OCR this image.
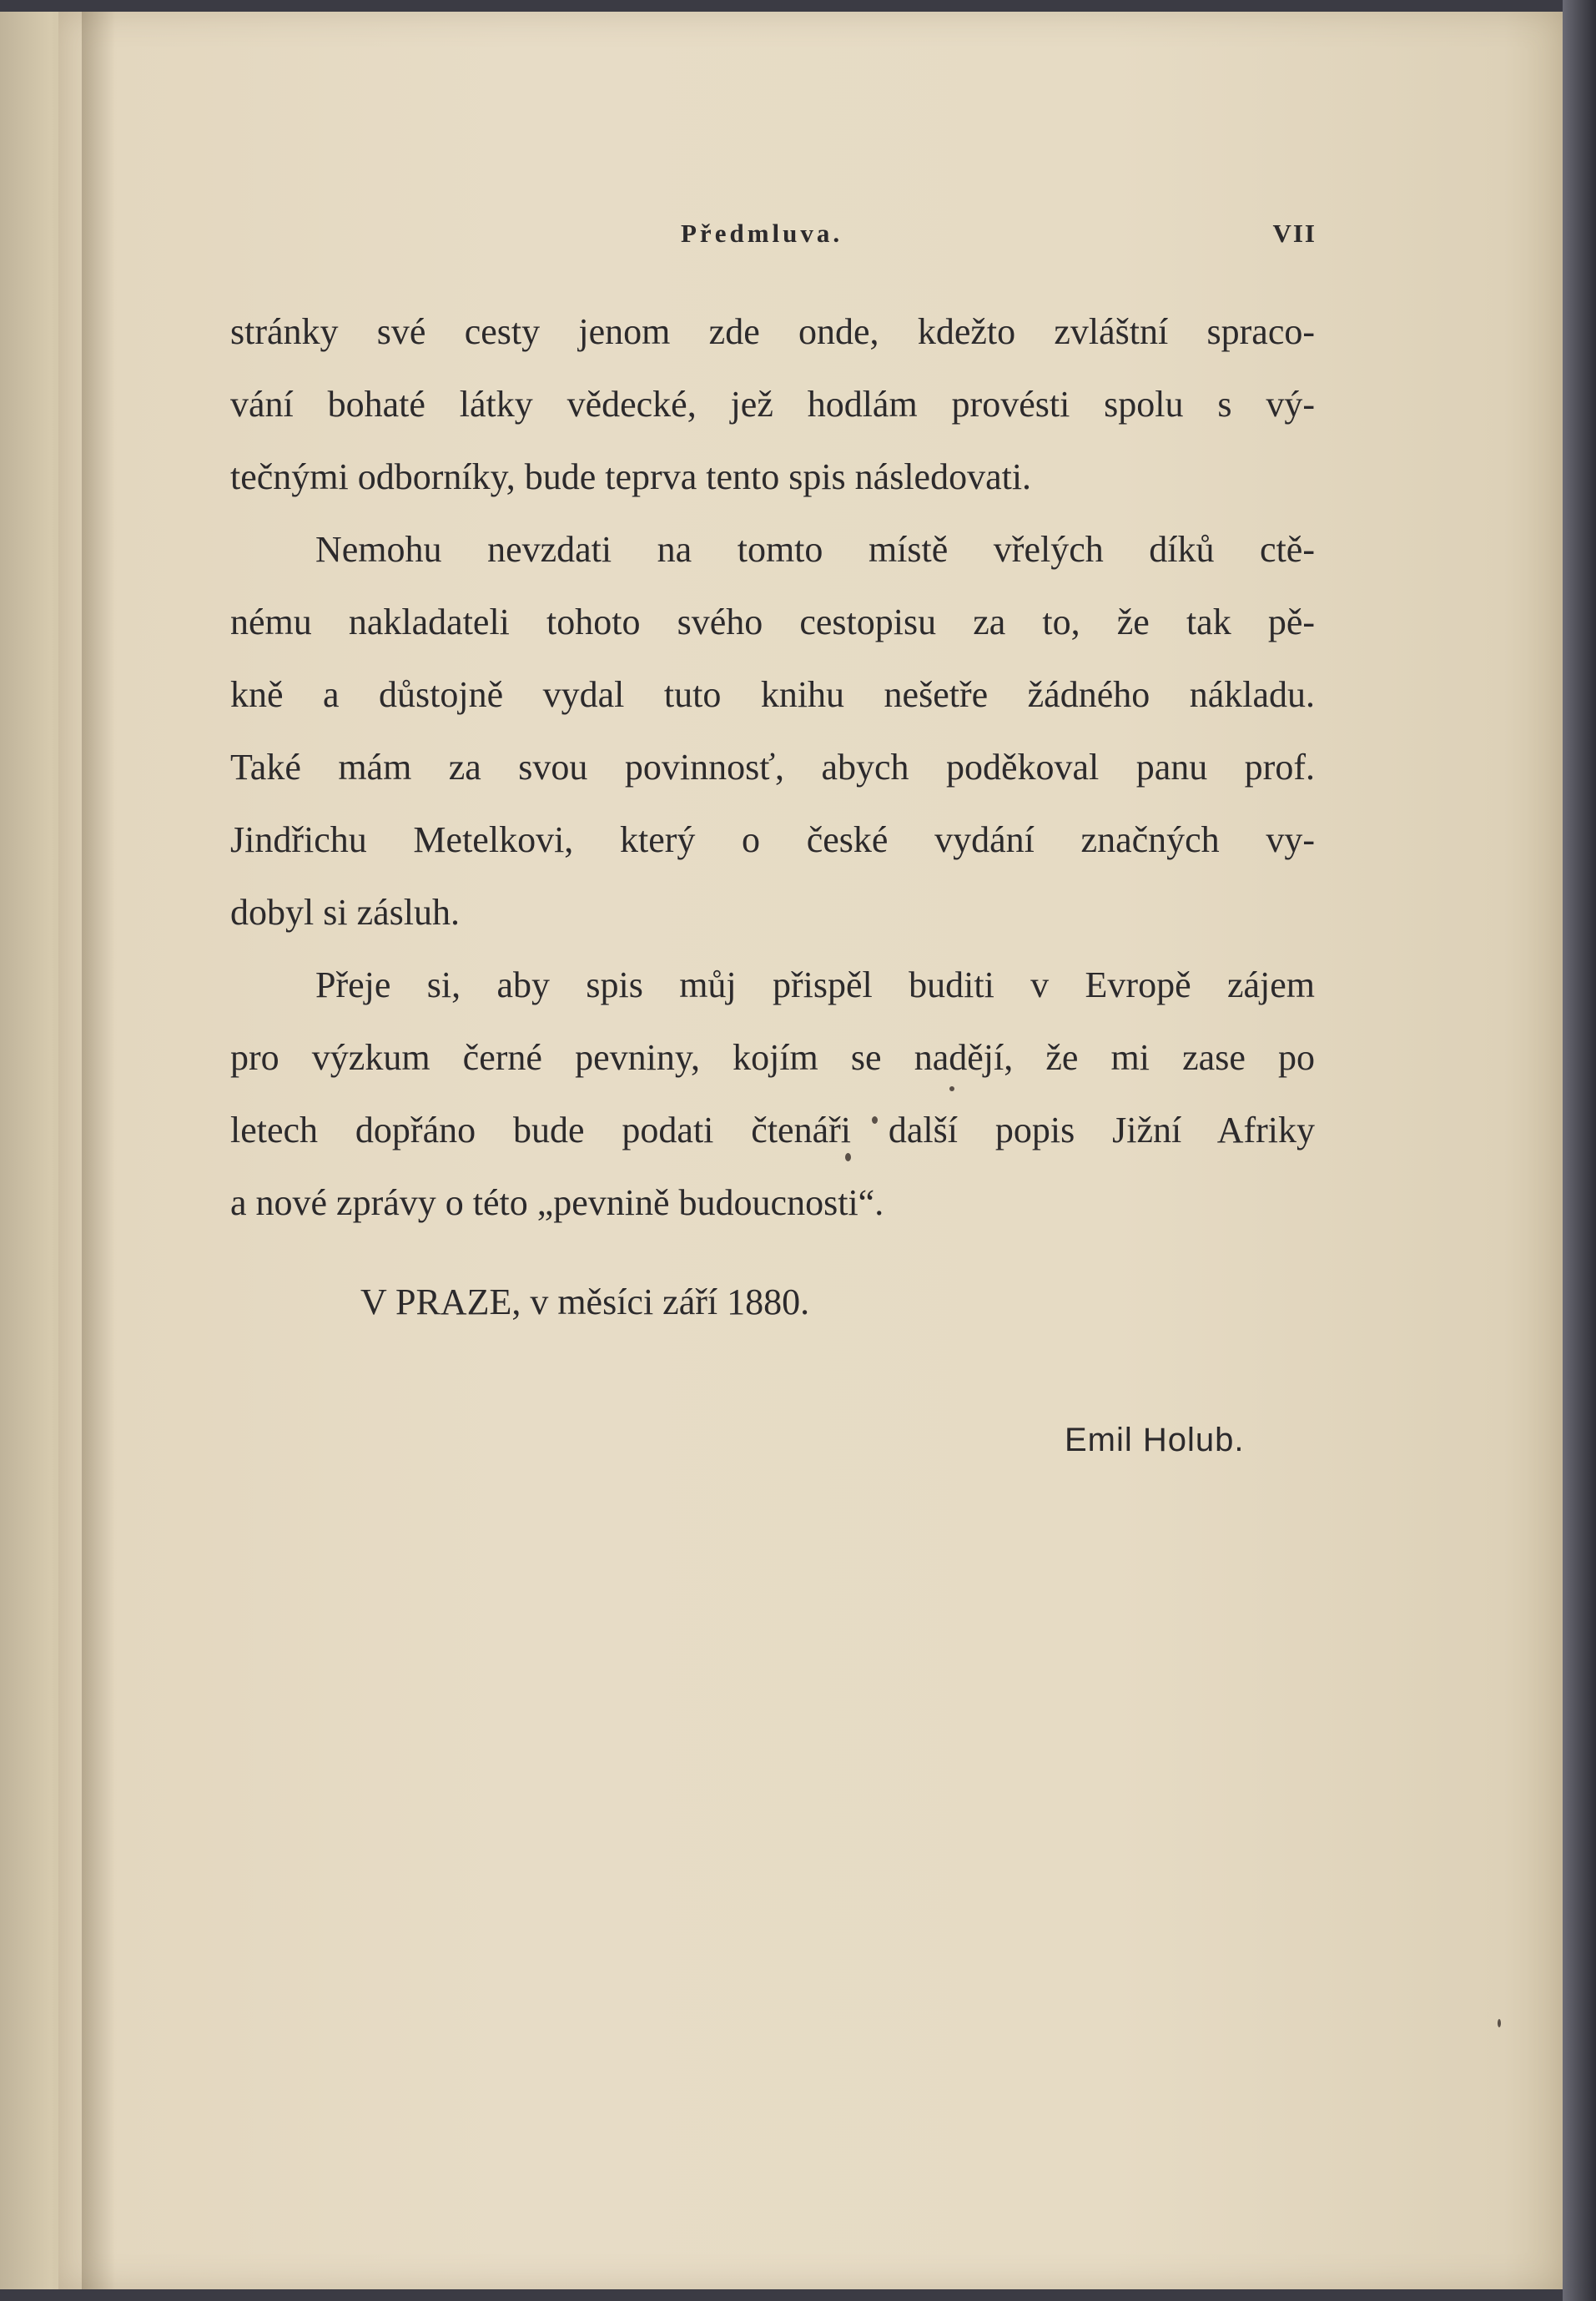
Předmluva.	VII
stránky své cesty jenom zde onde, kdežto zvláštní spraco-
vání bohaté látky vědecké, jež hodlám provésti spolu s vý-
tečnými odborníky, bude teprva tento spis následovati.
Nemohu nevzdati na tomto místě vřelých díků ctě-
nému nakladateli tohoto svého cestopisu za to, že tak pě-
kně a důstojně vydal tuto knihu nešetře žádného nákladu.
Také mám za svou povinnosť, abych poděkoval panu prof.
Jindřichu Metelkovi, který o české vydání značných vy-
dobyl si zásluh.
Přeje si, aby spis můj přispěl buditi v Evropě zájem
pro výzkum černé pevniny, kojím se nadějí, že mi zase po
letech dopřáno bude podati čtenáři další popis Jižní Afriky
a nové zprávy o této „pevnině budoucnosti“.
V PRAZE, v měsíci září 1880.
Emil Holub.
